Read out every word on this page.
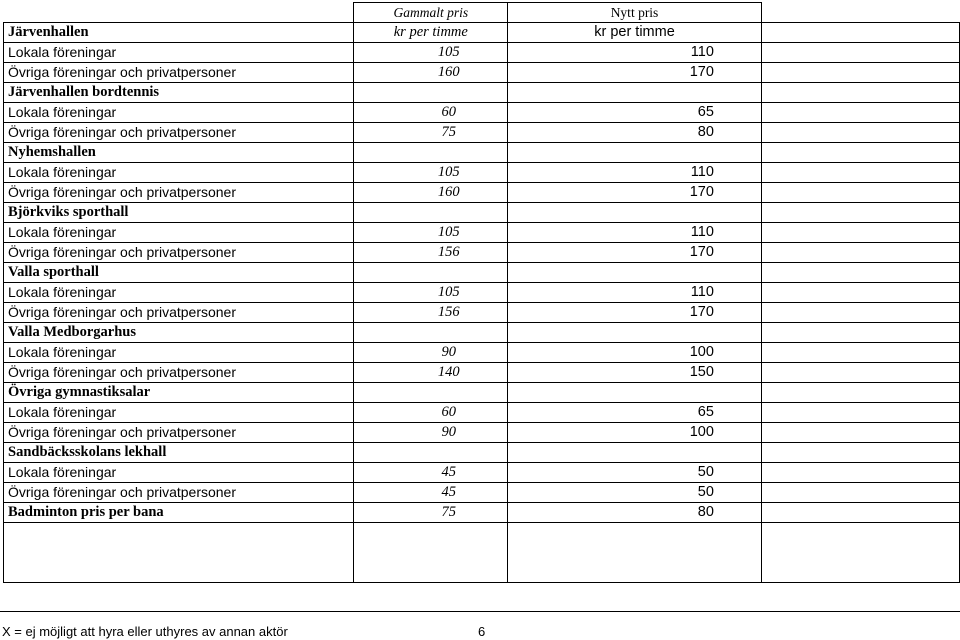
	Gammalt pris	Nytt pris	
Järvenhallen	kr per timme	kr per timme	
Lokala föreningar	105	110	
Övriga föreningar och privatpersoner	160	170	
Järvenhallen bordtennis			
Lokala föreningar	60	65	
Övriga föreningar och privatpersoner	75	80	
Nyhemshallen			
Lokala föreningar	105	110	
Övriga föreningar och privatpersoner	160	170	
Björkviks sporthall			
Lokala föreningar	105	110	
Övriga föreningar och privatpersoner	156	170	
Valla sporthall			
Lokala föreningar	105	110	
Övriga föreningar och privatpersoner	156	170	
Valla Medborgarhus			
Lokala föreningar	90	100	
Övriga föreningar och privatpersoner	140	150	
Övriga gymnastiksalar			
Lokala föreningar	60	65	
Övriga föreningar och privatpersoner	90	100	
Sandbäcksskolans lekhall			
Lokala föreningar	45	50	
Övriga föreningar och privatpersoner	45	50	
Badminton pris per bana	75	80	

X = ej möjligt att hyra eller uthyres av annan aktör	6
